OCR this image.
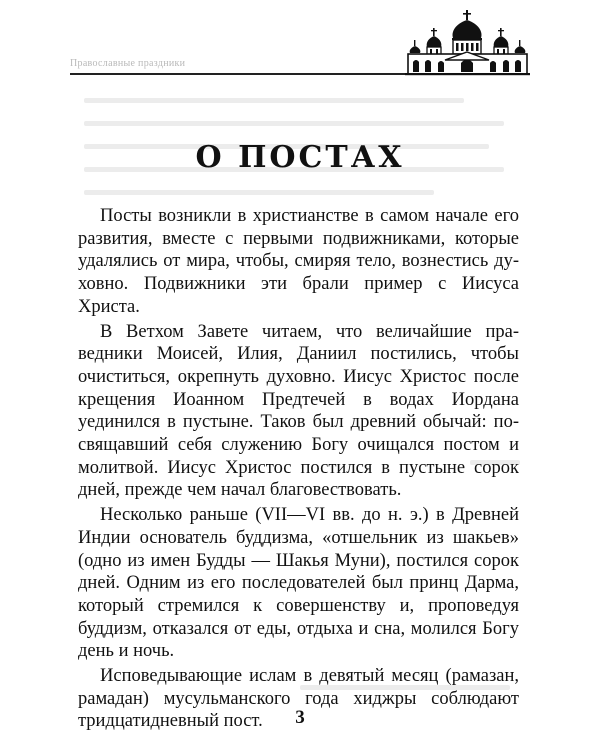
Православные праздники
О ПОСТАХ

Посты возникли в христианстве в самом начале его развития, вместе с первыми подвижниками, которые удалялись от мира, чтобы, смиряя тело, вознестись духовно. Подвижники эти брали пример с Иисуса Христа.

В Ветхом Завете читаем, что величайшие праведники Моисей, Илия, Даниил постились, чтобы очиститься, окрепнуть духовно. Иисус Христос после крещения Иоанном Предтечей в водах Иордана уединился в пустыне. Таков был древний обычай: посвящавший себя служению Богу очищался постом и молитвой. Иисус Христос постился в пустыне сорок дней, прежде чем начал благовествовать.

Несколько раньше (VII—VI вв. до н. э.) в Древней Индии основатель буддизма, «отшельник из шакьев» (одно из имен Будды — Шакья Муни), постился сорок дней. Одним из его последователей был принц Дарма, который стремился к совершенству и, проповедуя буддизм, отказался от еды, отдыха и сна, молился Богу день и ночь.

Исповедывающие ислам в девятый месяц (рамазан, рамадан) мусульманского года хиджры соблюдают тридцатидневный пост.	3
